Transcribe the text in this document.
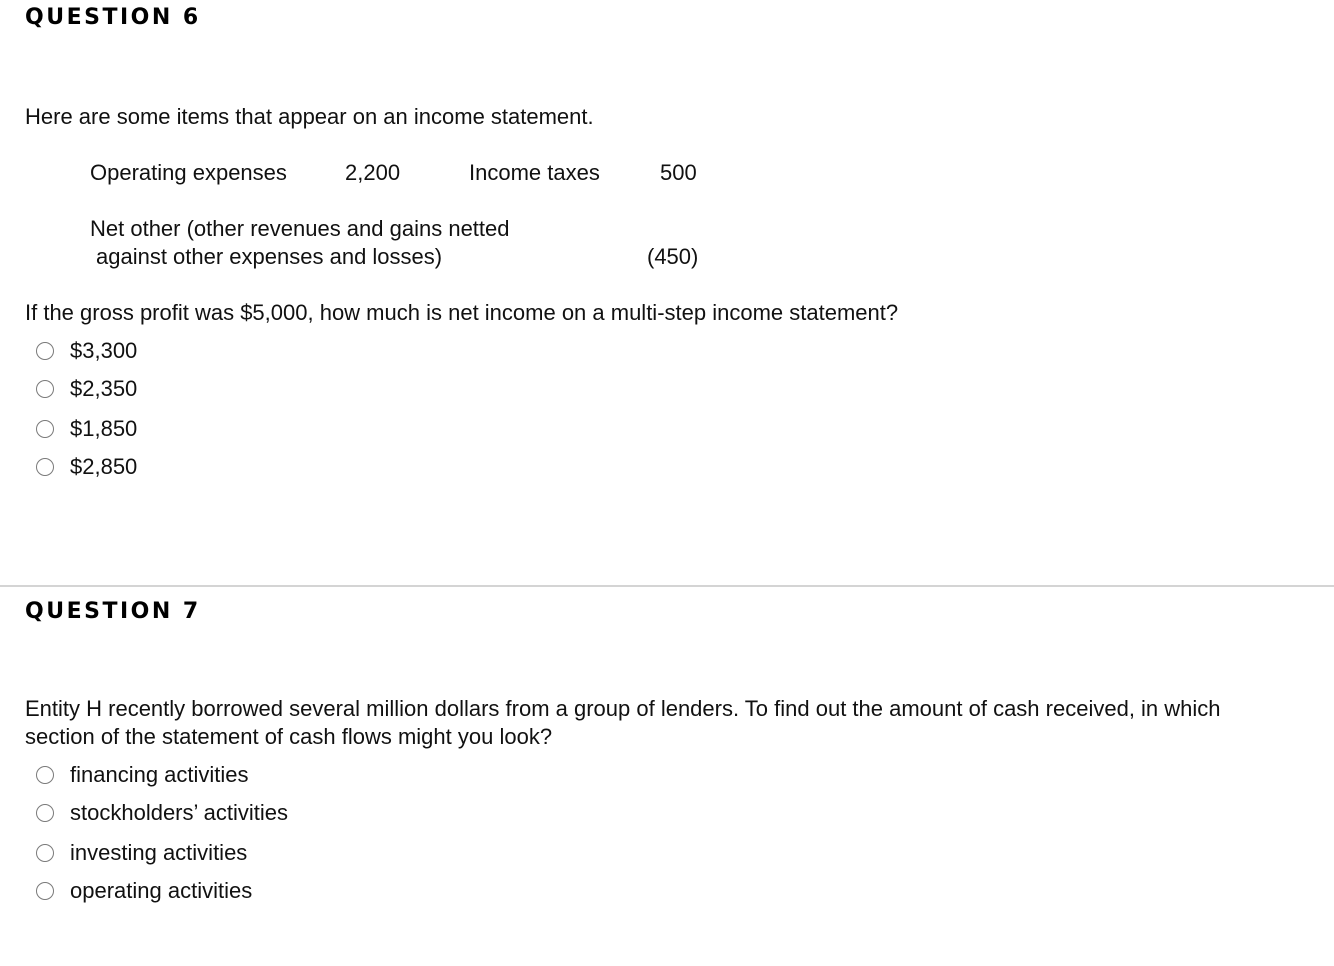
QUESTION 6
Here are some items that appear on an income statement.
Operating expenses	2,200	Income taxes	500
Net other (other revenues and gains netted
against other expenses and losses)	(450)
If the gross profit was $5,000, how much is net income on a multi-step income statement?
$3,300
$2,350
$1,850
$2,850
QUESTION 7
Entity H recently borrowed several million dollars from a group of lenders. To find out the amount of cash received, in which
section of the statement of cash flows might you look?
financing activities
stockholders’ activities
investing activities
operating activities
